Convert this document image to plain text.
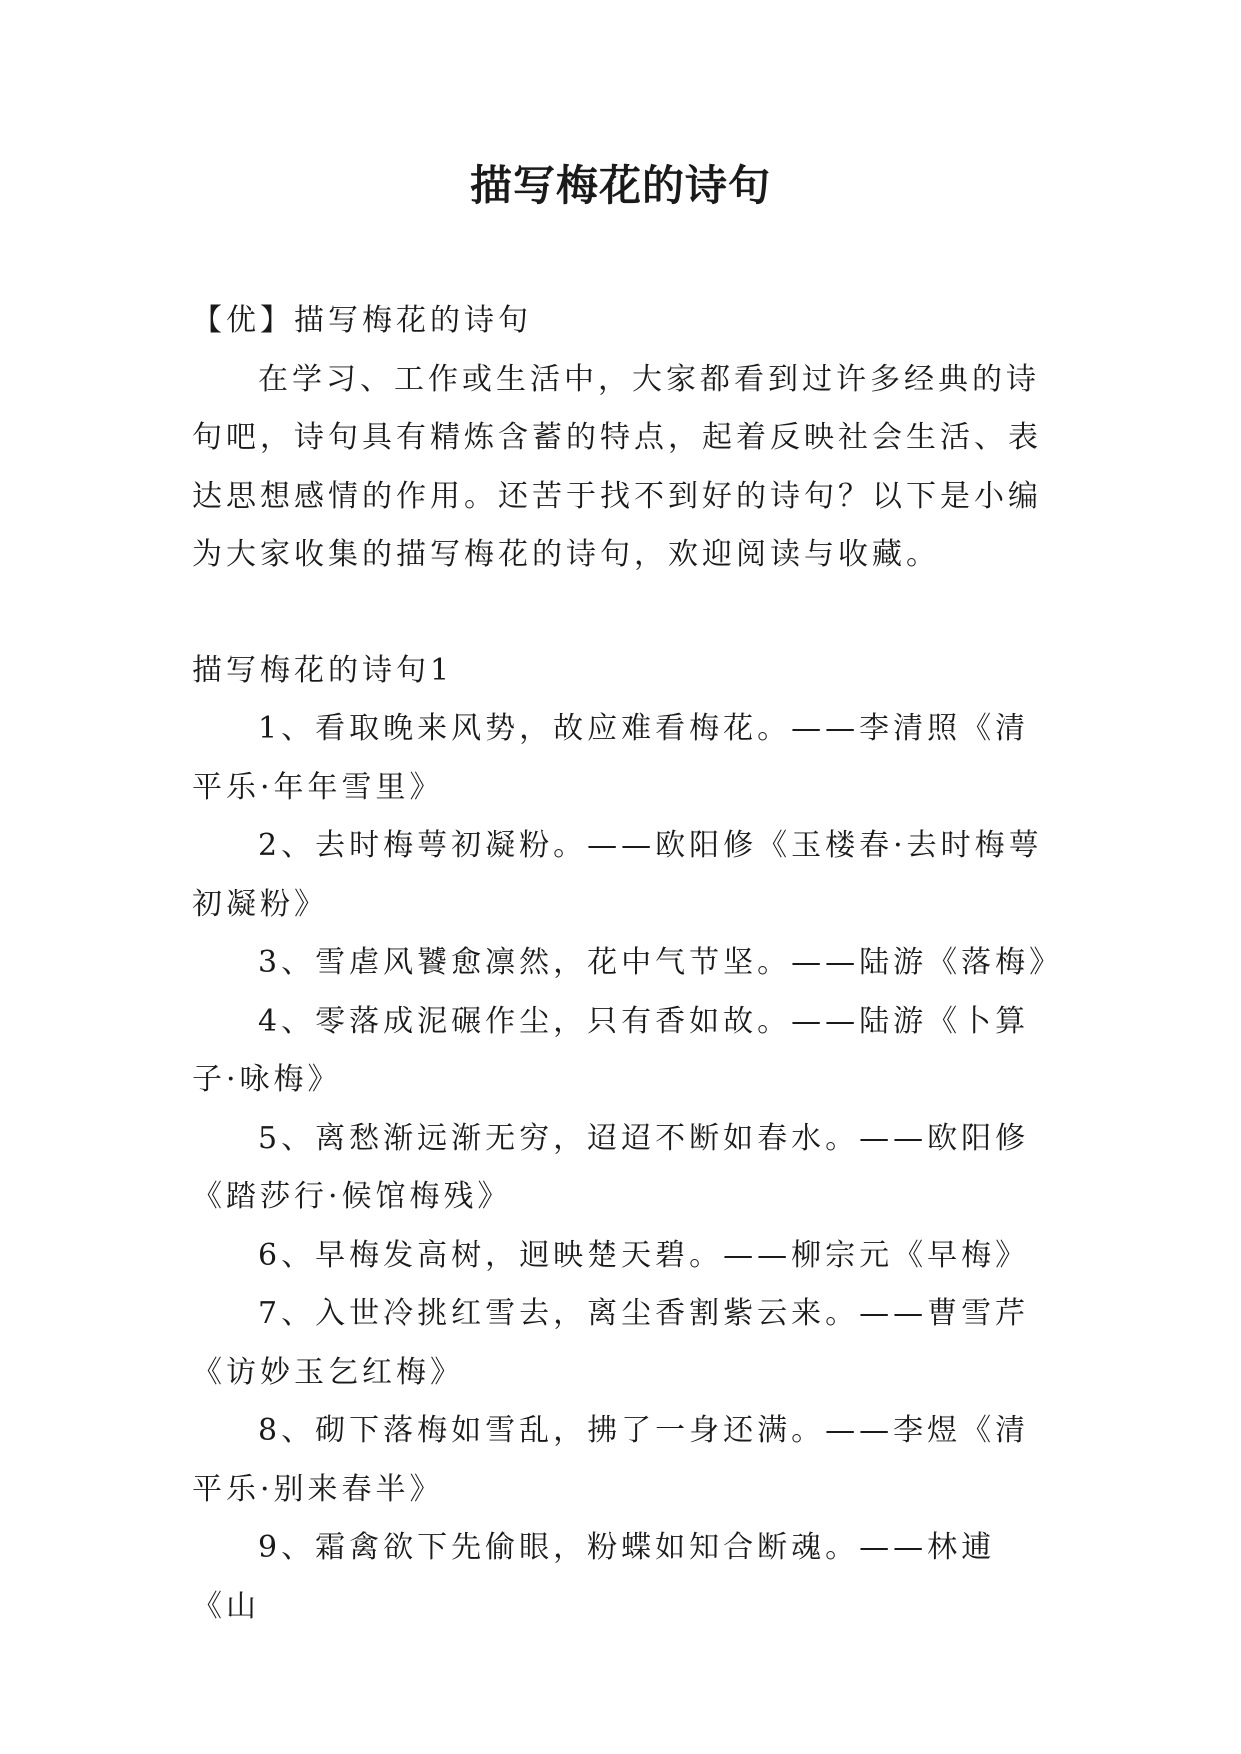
描写梅花的诗句

【优】描写梅花的诗句

在学习、工作或生活中，大家都看到过许多经典的诗句吧，诗句具有精炼含蓄的特点，起着反映社会生活、表达思想感情的作用。还苦于找不到好的诗句？以下是小编为大家收集的描写梅花的诗句，欢迎阅读与收藏。

描写梅花的诗句1

1、看取晚来风势，故应难看梅花。——李清照《清平乐·年年雪里》

2、去时梅萼初凝粉。——欧阳修《玉楼春·去时梅萼初凝粉》

3、雪虐风饕愈凛然，花中气节坚。——陆游《落梅》

4、零落成泥碾作尘，只有香如故。——陆游《卜算子·咏梅》

5、离愁渐远渐无穷，迢迢不断如春水。——欧阳修《踏莎行·候馆梅残》

6、早梅发高树，迥映楚天碧。——柳宗元《早梅》

7、入世冷挑红雪去，离尘香割紫云来。——曹雪芹《访妙玉乞红梅》

8、砌下落梅如雪乱，拂了一身还满。——李煜《清平乐·别来春半》

9、霜禽欲下先偷眼，粉蝶如知合断魂。——林逋《山
